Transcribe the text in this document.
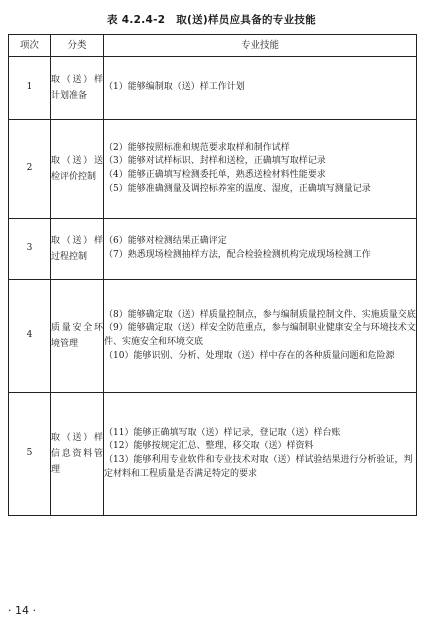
表 4.2.4-2　取(送)样员应具备的专业技能
项次	分类	专业技能
1	取（送）样计划准备	（1）能够编制取（送）样工作计划

2	取（送）送检评价控制	（2）能够按照标准和规范要求取样和制作试样
（3）能够对试样标识、封样和送检，正确填写取样记录
（4）能够正确填写检测委托单，熟悉送检材料性能要求
（5）能够准确测量及调控标养室的温度、湿度，正确填写测量记录

3	取（送）样过程控制	（6）能够对检测结果正确评定
（7）熟悉现场检测抽样方法，配合检验检测机构完成现场检测工作

4	质量安全环境管理	（8）能够确定取（送）样质量控制点，参与编制质量控制文件、实施质量交底
（9）能够确定取（送）样安全防范重点，参与编制职业健康安全与环境技术文件、实施安全和环境交底
（10）能够识别、分析、处理取（送）样中存在的各种质量问题和危险源

5	取（送）样信息资料管理	（11）能够正确填写取（送）样记录，登记取（送）样台账
（12）能够按规定汇总、整理、移交取（送）样资料
（13）能够利用专业软件和专业技术对取（送）样试验结果进行分析验证，判定材料和工程质量是否满足特定的要求
· 14 ·
